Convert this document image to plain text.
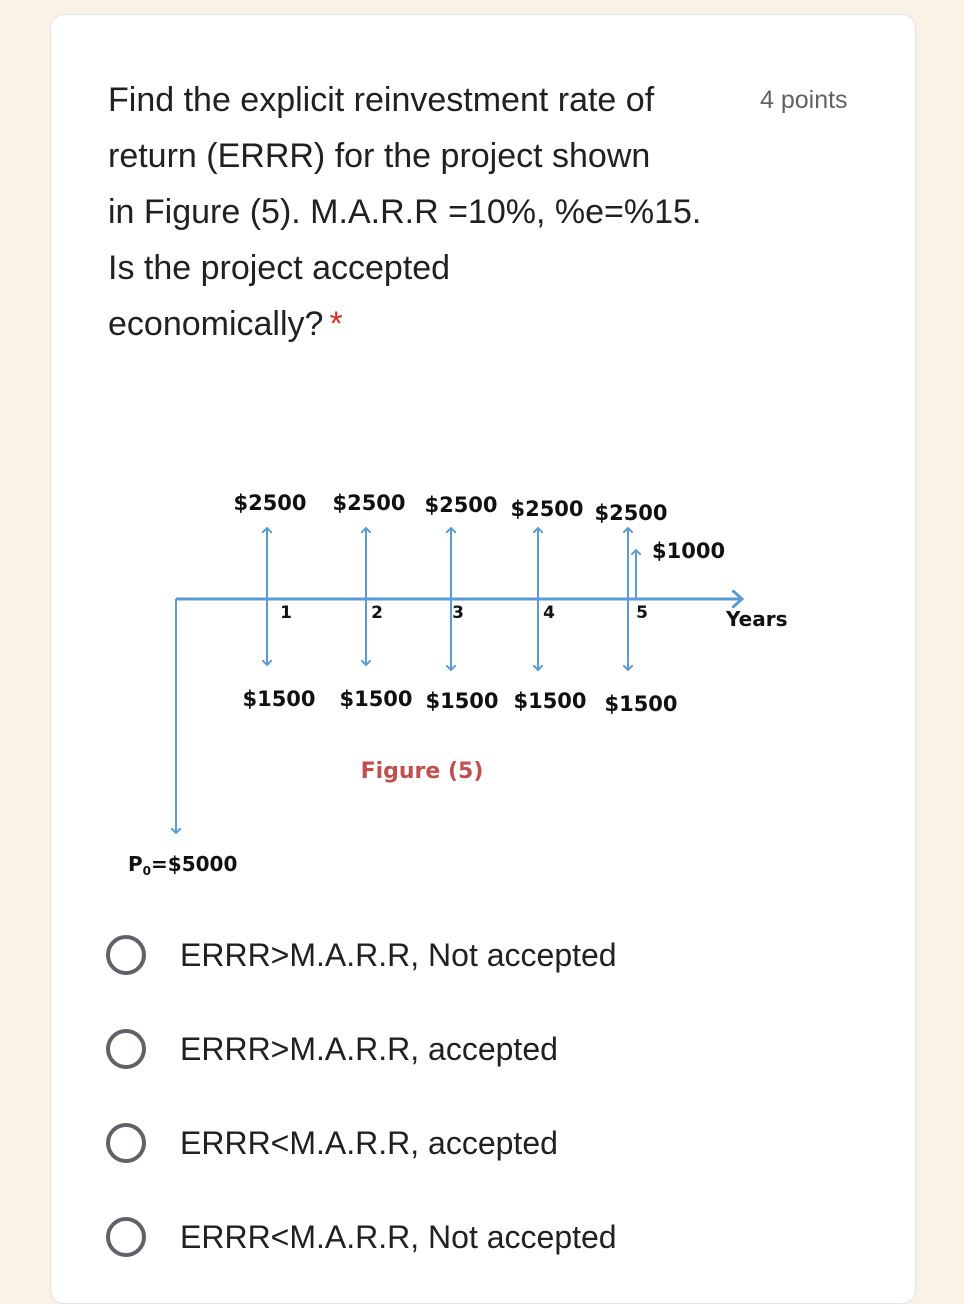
Find the explicit reinvestment rate of
return (ERRR) for the project shown
in Figure (5). M.A.R.R =10%, %e=%15.
Is the project accepted
economically? *
4 points
$2500 $2500 $2500 $2500 $2500
$1000
1	2	3	4	5	Years
$1500 $1500 $1500 $1500 $1500
Figure (5)
$P_0=\$5000$
ERRR>M.A.R.R, Not accepted
ERRR>M.A.R.R, accepted
ERRR<M.A.R.R, accepted
ERRR<M.A.R.R, Not accepted
